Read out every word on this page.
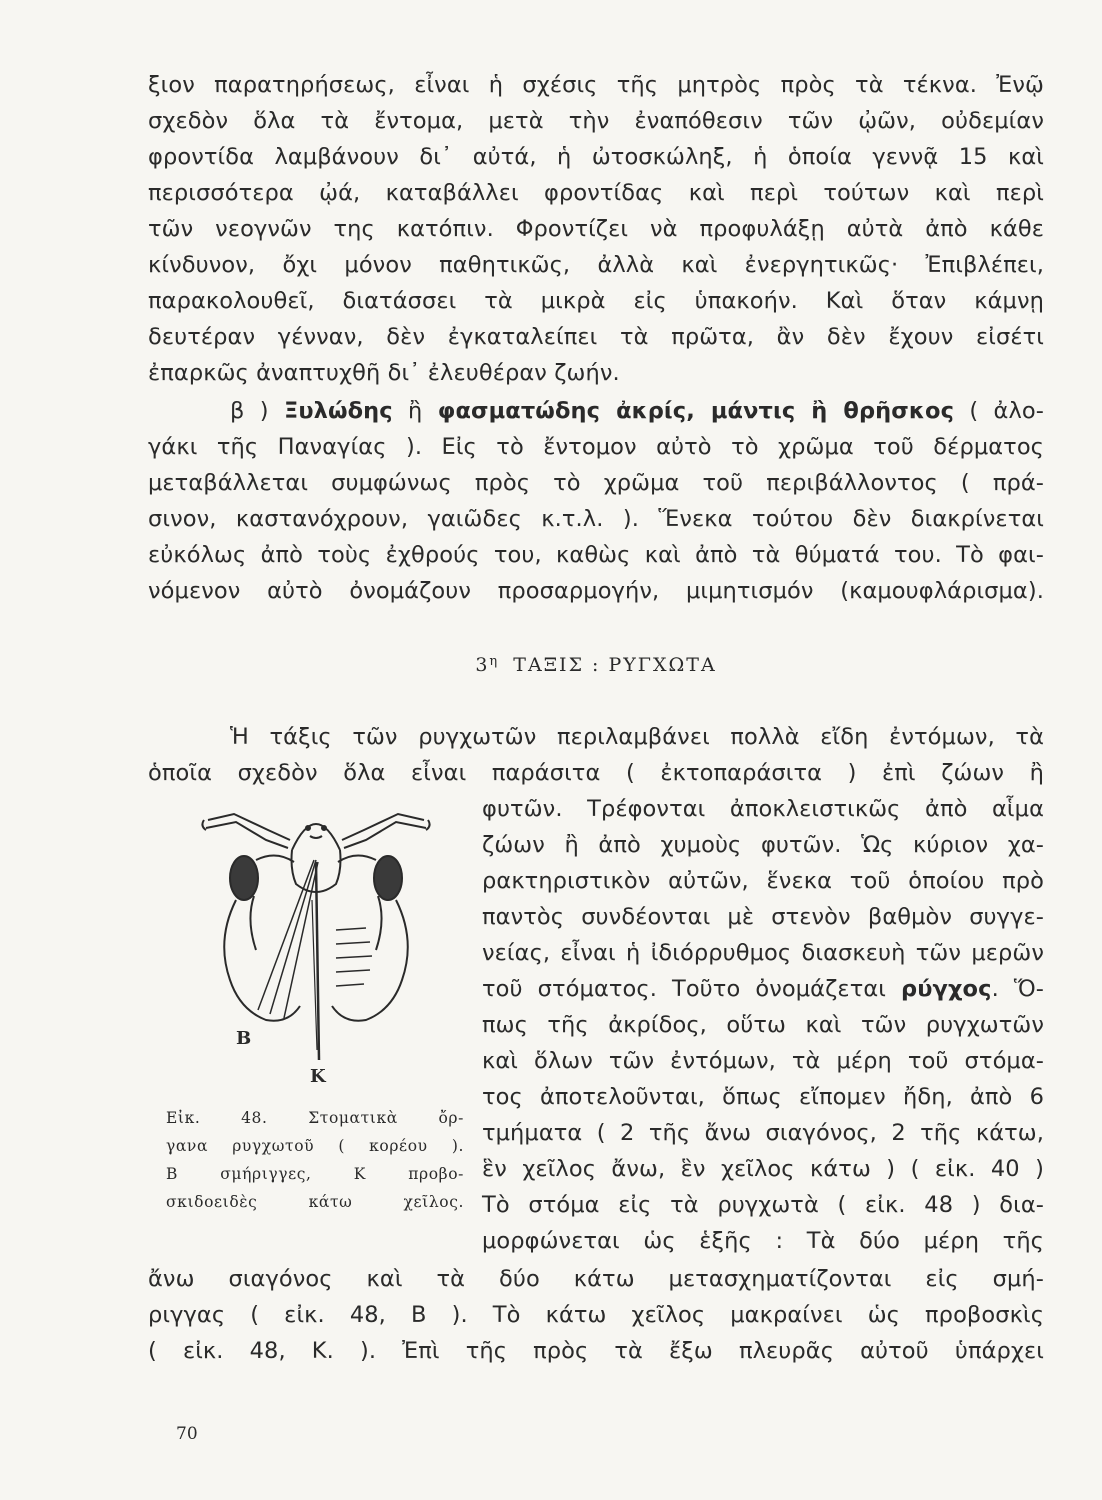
ξιον παρατηρήσεως, εἶναι ἡ σχέσις τῆς μητρὸς πρὸς τὰ τέκνα. Ἐνῷ
σχεδὸν ὅλα τὰ ἔντομα, μετὰ τὴν ἐναπόθεσιν τῶν ᾠῶν, οὐδεμίαν
φροντίδα λαμβάνουν δι᾽ αὐτά, ἡ ὠτοσκώληξ, ἡ ὁποία γεννᾷ 15 καὶ
περισσότερα ᾠά, καταβάλλει φροντίδας καὶ περὶ τούτων καὶ περὶ
τῶν νεογνῶν της κατόπιν. Φροντίζει νὰ προφυλάξῃ αὐτὰ ἀπὸ κάθε
κίνδυνον, ὄχι μόνον παθητικῶς, ἀλλὰ καὶ ἐνεργητικῶς· Ἐπιβλέπει,
παρακολουθεῖ, διατάσσει τὰ μικρὰ εἰς ὑπακοήν. Καὶ ὅταν κάμνῃ
δευτέραν γένναν, δὲν ἐγκαταλείπει τὰ πρῶτα, ἂν δὲν ἔχουν εἰσέτι
ἐπαρκῶς ἀναπτυχθῆ δι᾽ ἐλευθέραν ζωήν.
β ) Ξυλώδης ἢ φασματώδης ἀκρίς, μάντις ἢ θρῆσκος ( ἀλο-
γάκι τῆς Παναγίας ). Εἰς τὸ ἔντομον αὐτὸ τὸ χρῶμα τοῦ δέρματος
μεταβάλλεται συμφώνως πρὸς τὸ χρῶμα τοῦ περιβάλλοντος ( πρά-
σινον, καστανόχρουν, γαιῶδες κ.τ.λ. ). Ἕνεκα τούτου δὲν διακρίνεται
εὐκόλως ἀπὸ τοὺς ἐχθρούς του, καθὼς καὶ ἀπὸ τὰ θύματά του. Τὸ φαι-
νόμενον αὐτὸ ὀνομάζουν προσαρμογήν, μιμητισμόν (καμουφλάρισμα).
$3^\eta$ ΤΑΞΙΣ : ΡΥΓΧΩΤΑ
Ἡ τάξις τῶν ρυγχωτῶν περιλαμβάνει πολλὰ εἴδη ἐντόμων, τὰ
ὁποῖα σχεδὸν ὅλα εἶναι παράσιτα ( ἐκτοπαράσιτα ) ἐπὶ ζώων ἢ
φυτῶν. Τρέφονται ἀποκλειστικῶς ἀπὸ αἷμα
ζώων ἢ ἀπὸ χυμοὺς φυτῶν. Ὡς κύριον χα-
ρακτηριστικὸν αὐτῶν, ἕνεκα τοῦ ὁποίου πρὸ
παντὸς συνδέονται μὲ στενὸν βαθμὸν συγγε-
νείας, εἶναι ἡ ἰδιόρρυθμος διασκευὴ τῶν μερῶν
τοῦ στόματος. Τοῦτο ὀνομάζεται ρύγχος. Ὅ-
πως τῆς ἀκρίδος, οὕτω καὶ τῶν ρυγχωτῶν
καὶ ὅλων τῶν ἐντόμων, τὰ μέρη τοῦ στόμα-
τος ἀποτελοῦνται, ὅπως εἴπομεν ἤδη, ἀπὸ 6
τμήματα ( 2 τῆς ἄνω σιαγόνος, 2 τῆς κάτω,
ἓν χεῖλος ἄνω, ἓν χεῖλος κάτω ) ( εἰκ. 40 )
Τὸ στόμα εἰς τὰ ρυγχωτὰ ( εἰκ. 48 ) δια-
μορφώνεται ὡς ἑξῆς : Τὰ δύο μέρη τῆς
ἄνω σιαγόνος καὶ τὰ δύο κάτω μετασχηματίζονται εἰς σμή-
ριγγας ( εἰκ. 48, Β ). Τὸ κάτω χεῖλος μακραίνει ὡς προβοσκὶς
( εἰκ. 48, Κ. ). Ἐπὶ τῆς πρὸς τὰ ἔξω πλευρᾶς αὐτοῦ ὑπάρχει
Β
Κ
Εἰκ. 48. Στοματικὰ ὄρ-
γανα ρυγχωτοῦ ( κορέου ).
Β σμήριγγες, Κ προβο-
σκιδοειδὲς κάτω χεῖλος.
70
